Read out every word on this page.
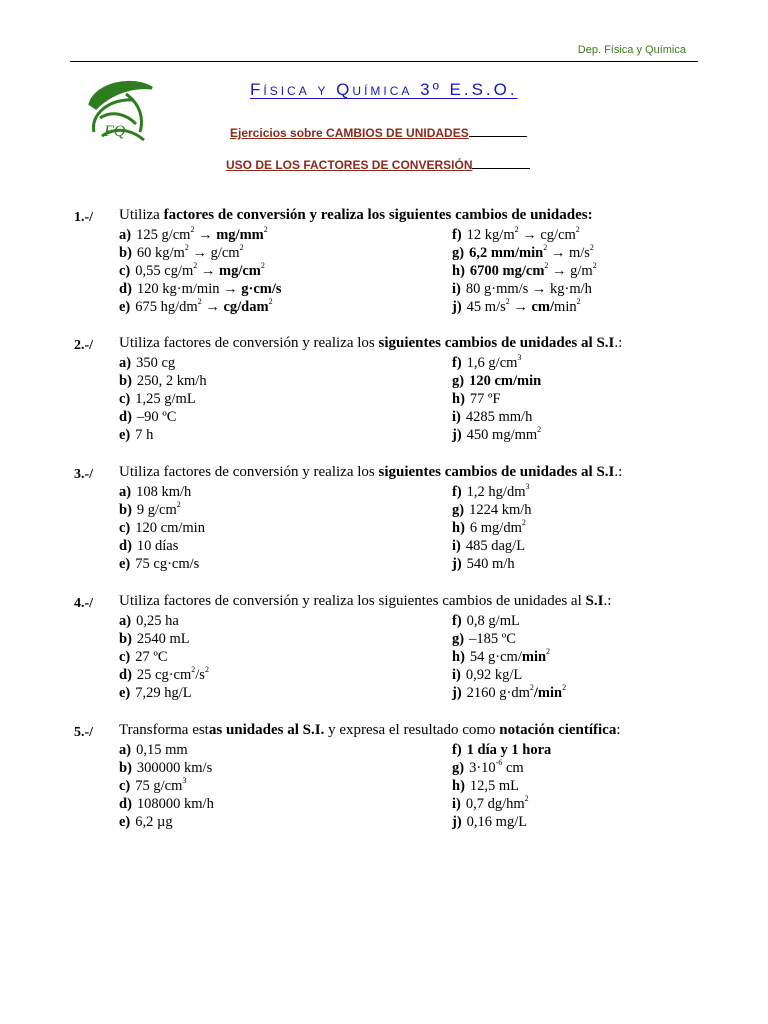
Dep. Física y Química
FQ
Física y Química 3º E.S.O.
Ejercicios sobre CAMBIOS DE UNIDADES
USO DE LOS FACTORES DE CONVERSIÓN
1.-/ Utiliza factores de conversión y realiza los siguientes cambios de unidades:
a) 125 $g/cm^2 \to mg/mm^2$
b) 60 $kg/m^2 \to g/cm^2$
c) 0,55 $cg/m^2 \to mg/cm^2$
d) 120 kg·m/min → g·cm/s
e) 675 $hg/dm^2 \to cg/dam^2$
f) 12 $kg/m^2 \to cg/cm^2$
g) 6,2 $mm/\min^2 \to m/s^2$
h) 6700 $mg/cm^2 \to g/m^2$
i) 80 g·mm/s → kg·m/h
j) 45 $m/s^2 \to cm/\min^2$
2.-/ Utiliza factores de conversión y realiza los siguientes cambios de unidades al S.I.:
a) 350 cg
b) 250, 2 km/h
c) 1,25 g/mL
d) –90 ºC
e) 7 h
f) 1,6 $g/cm^3$
g) 120 cm/min
h) 77 ºF
i) 4285 mm/h
j) 450 $mg/mm^2$
3.-/ Utiliza factores de conversión y realiza los siguientes cambios de unidades al S.I.:
a) 108 km/h
b) 9 $g/cm^2$
c) 120 cm/min
d) 10 días
e) 75 cg·cm/s
f) 1,2 $hg/dm^3$
g) 1224 km/h
h) 6 $mg/dm^2$
i) 485 dag/L
j) 540 m/h
4.-/ Utiliza factores de conversión y realiza los siguientes cambios de unidades al S.I.:
a) 0,25 ha
b) 2540 mL
c) 27 ºC
d) 25 $cg\cdot cm^2/s^2$
e) 7,29 hg/L
f) 0,8 g/mL
g) –185 ºC
h) 54 $g\cdot cm/\min^2$
i) 0,92 kg/L
j) 2160 $g\cdot dm^2/\min^2$
5.-/ Transforma estas unidades al S.I. y expresa el resultado como notación científica:
a) 0,15 mm
b) 300000 km/s
c) 75 $g/cm^3$
d) 108000 km/h
e) 6,2 µg
f) 1 día y 1 hora
g) $3\cdot 10^{-6}$ cm
h) 12,5 mL
i) 0,7 $dg/hm^2$
j) 0,16 mg/L
